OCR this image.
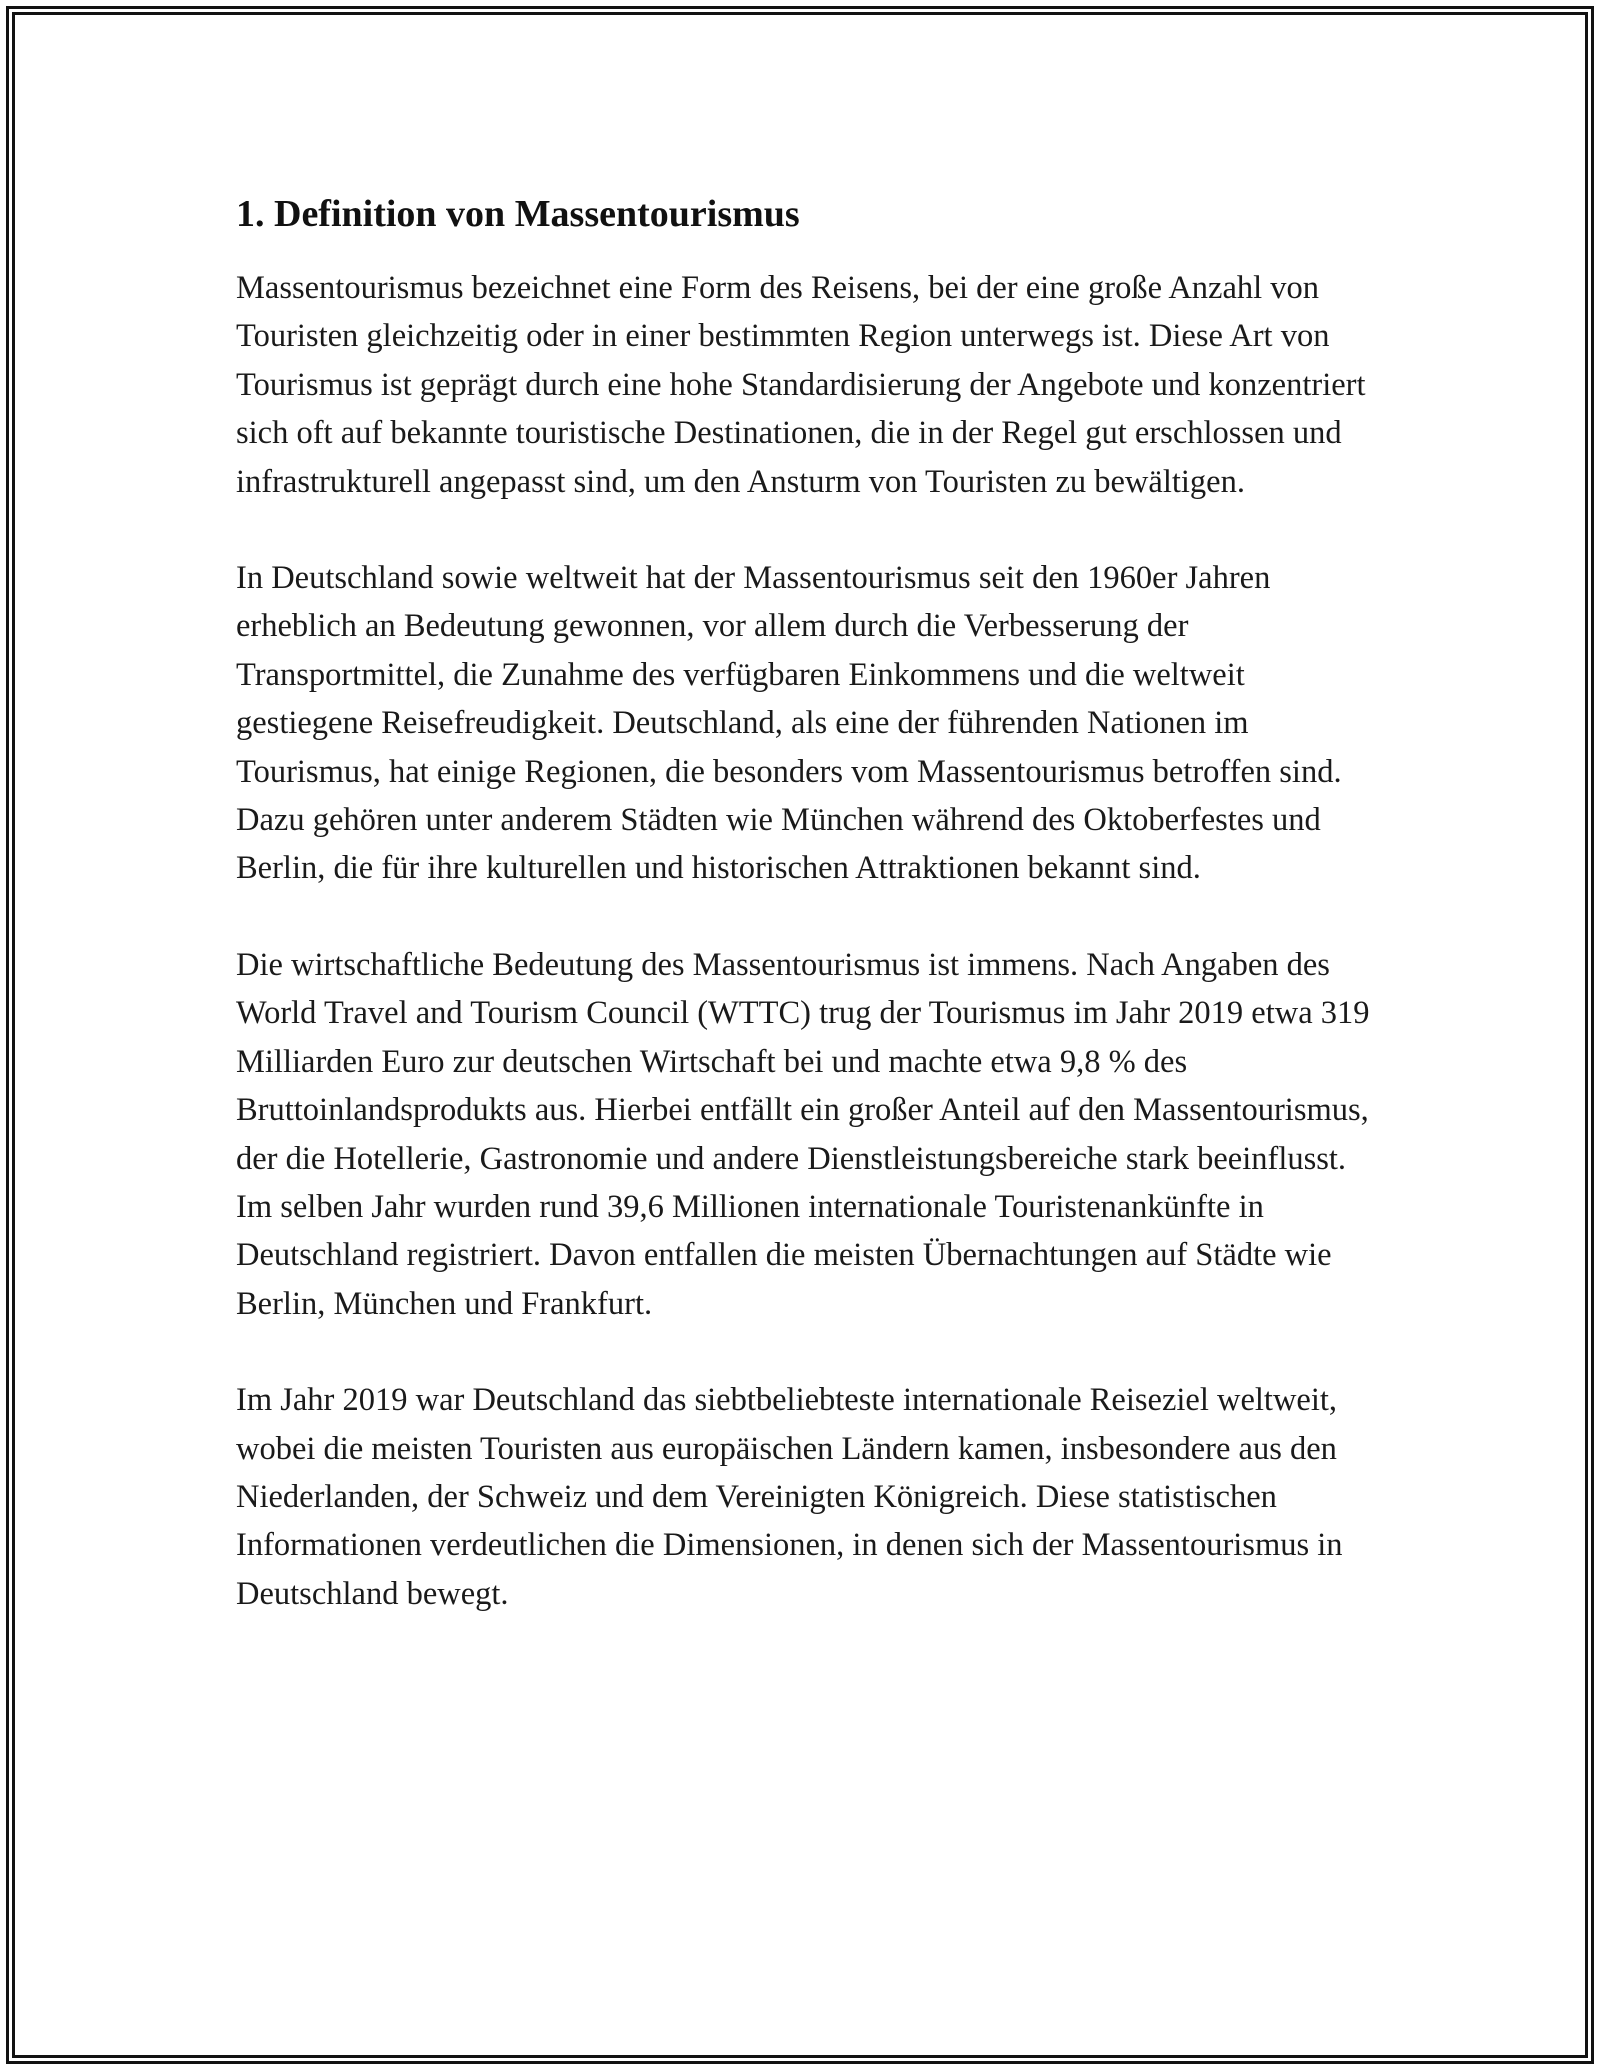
1. Definition von Massentourismus

Massentourismus bezeichnet eine Form des Reisens, bei der eine große Anzahl von Touristen gleichzeitig oder in einer bestimmten Region unterwegs ist. Diese Art von Tourismus ist geprägt durch eine hohe Standardisierung der Angebote und konzentriert sich oft auf bekannte touristische Destinationen, die in der Regel gut erschlossen und infrastrukturell angepasst sind, um den Ansturm von Touristen zu bewältigen.

In Deutschland sowie weltweit hat der Massentourismus seit den 1960er Jahren erheblich an Bedeutung gewonnen, vor allem durch die Verbesserung der Transportmittel, die Zunahme des verfügbaren Einkommens und die weltweit gestiegene Reisefreudigkeit. Deutschland, als eine der führenden Nationen im Tourismus, hat einige Regionen, die besonders vom Massentourismus betroffen sind. Dazu gehören unter anderem Städten wie München während des Oktoberfestes und Berlin, die für ihre kulturellen und historischen Attraktionen bekannt sind.

Die wirtschaftliche Bedeutung des Massentourismus ist immens. Nach Angaben des World Travel and Tourism Council (WTTC) trug der Tourismus im Jahr 2019 etwa 319 Milliarden Euro zur deutschen Wirtschaft bei und machte etwa 9,8 % des Bruttoinlandsprodukts aus. Hierbei entfällt ein großer Anteil auf den Massentourismus, der die Hotellerie, Gastronomie und andere Dienstleistungsbereiche stark beeinflusst. Im selben Jahr wurden rund 39,6 Millionen internationale Touristenankünfte in Deutschland registriert. Davon entfallen die meisten Übernachtungen auf Städte wie Berlin, München und Frankfurt.

Im Jahr 2019 war Deutschland das siebtbeliebteste internationale Reiseziel weltweit, wobei die meisten Touristen aus europäischen Ländern kamen, insbesondere aus den Niederlanden, der Schweiz und dem Vereinigten Königreich. Diese statistischen Informationen verdeutlichen die Dimensionen, in denen sich der Massentourismus in Deutschland bewegt.
